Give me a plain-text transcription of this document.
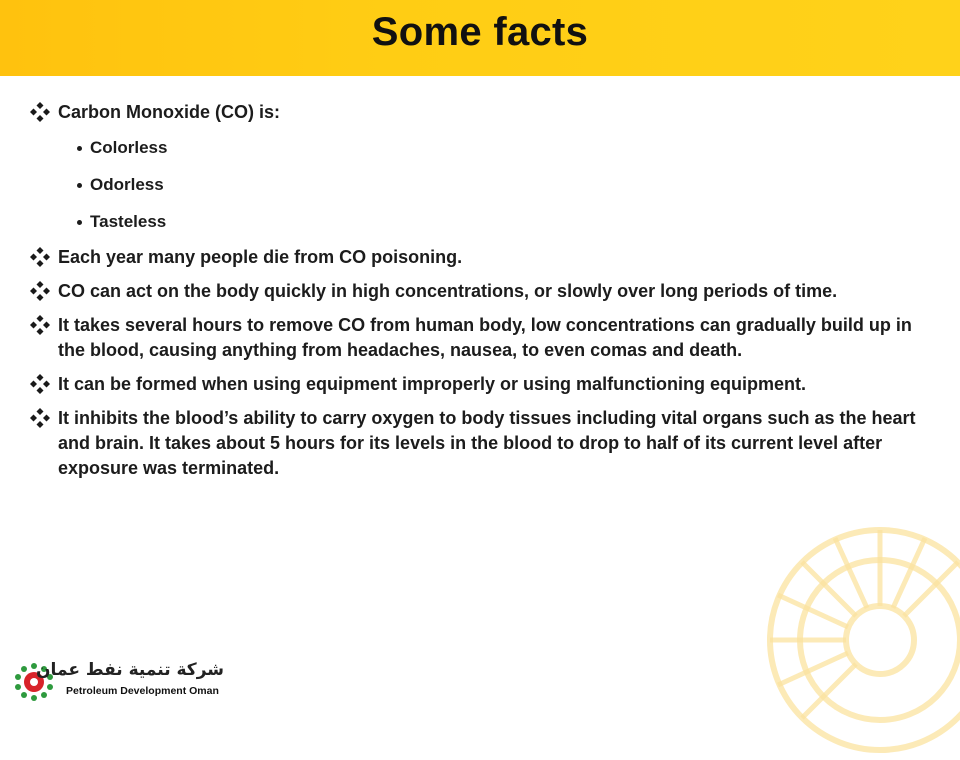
Some facts
Carbon Monoxide (CO) is:
Colorless
Odorless
Tasteless
Each year many people die from CO poisoning.
CO can act on the body quickly in high concentrations, or slowly over long periods of time.
It takes several hours to remove CO from human body, low concentrations can gradually build up in the blood, causing anything from headaches, nausea, to even comas and death.
It can be formed when using equipment improperly or using malfunctioning equipment.
It inhibits the blood’s ability to carry oxygen to body tissues including vital organs such as the heart and brain. It takes about 5 hours for its levels in the blood to drop to half of its current level after exposure was terminated.
شركة تنمية نفط عمان
Petroleum Development Oman
